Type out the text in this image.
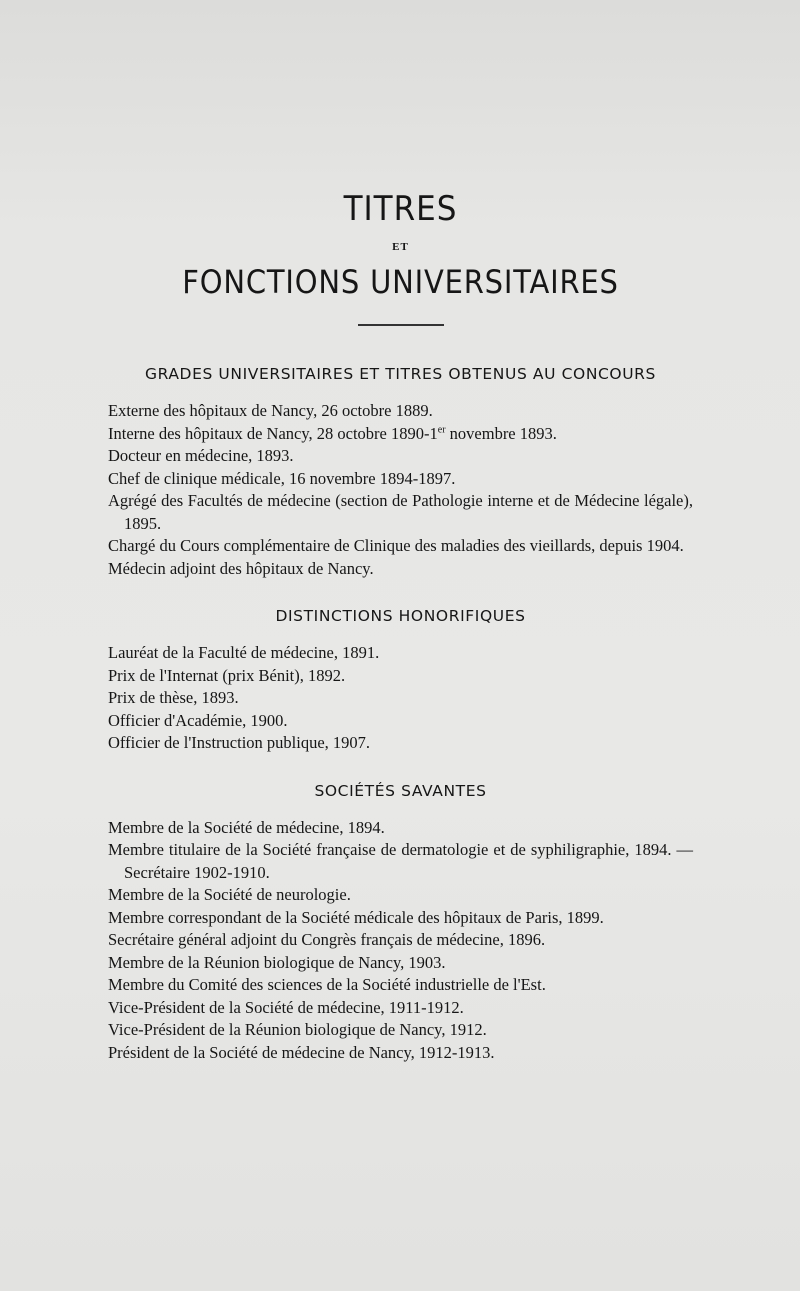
TITRES
ET
FONCTIONS UNIVERSITAIRES
GRADES UNIVERSITAIRES ET TITRES OBTENUS AU CONCOURS
Externe des hôpitaux de Nancy, 26 octobre 1889.
Interne des hôpitaux de Nancy, 28 octobre 1890-1er novembre 1893.
Docteur en médecine, 1893.
Chef de clinique médicale, 16 novembre 1894-1897.
Agrégé des Facultés de médecine (section de Pathologie interne et de Médecine légale), 1895.
Chargé du Cours complémentaire de Clinique des maladies des vieillards, depuis 1904.
Médecin adjoint des hôpitaux de Nancy.
DISTINCTIONS HONORIFIQUES
Lauréat de la Faculté de médecine, 1891.
Prix de l'Internat (prix Bénit), 1892.
Prix de thèse, 1893.
Officier d'Académie, 1900.
Officier de l'Instruction publique, 1907.
SOCIÉTÉS SAVANTES
Membre de la Société de médecine, 1894.
Membre titulaire de la Société française de dermatologie et de syphiligraphie, 1894. — Secrétaire 1902-1910.
Membre de la Société de neurologie.
Membre correspondant de la Société médicale des hôpitaux de Paris, 1899.
Secrétaire général adjoint du Congrès français de médecine, 1896.
Membre de la Réunion biologique de Nancy, 1903.
Membre du Comité des sciences de la Société industrielle de l'Est.
Vice-Président de la Société de médecine, 1911-1912.
Vice-Président de la Réunion biologique de Nancy, 1912.
Président de la Société de médecine de Nancy, 1912-1913.
